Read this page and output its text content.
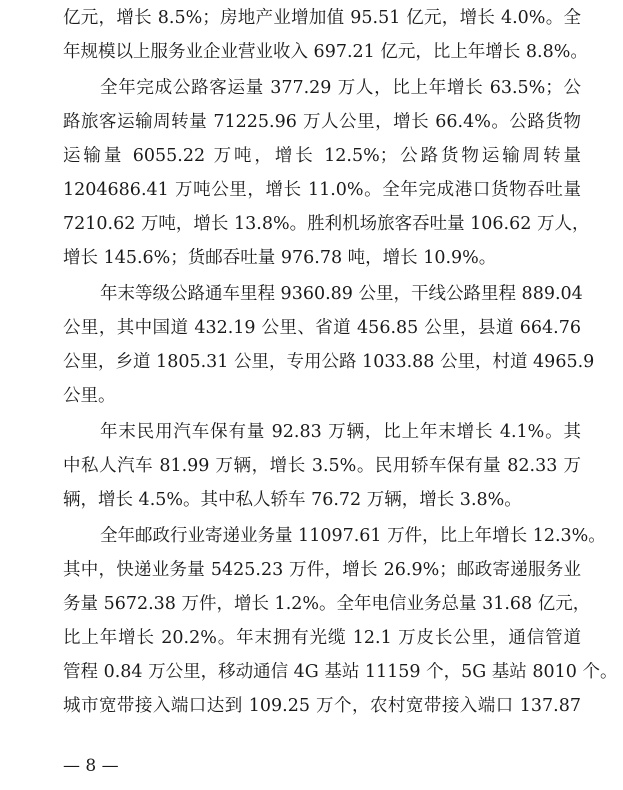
亿元，增长 8.5%；房地产业增加值 95.51 亿元，增长 4.0%。全
年规模以上服务业企业营业收入 697.21 亿元，比上年增长 8.8%。
全年完成公路客运量 377.29 万人，比上年增长 63.5%；公
路旅客运输周转量 71225.96 万人公里，增长 66.4%。公路货物
运输量 6055.22 万吨，增长 12.5%；公路货物运输周转量
1204686.41 万吨公里，增长 11.0%。全年完成港口货物吞吐量
7210.62 万吨，增长 13.8%。胜利机场旅客吞吐量 106.62 万人，
增长 145.6%；货邮吞吐量 976.78 吨，增长 10.9%。
年末等级公路通车里程 9360.89 公里，干线公路里程 889.04
公里，其中国道 432.19 公里、省道 456.85 公里，县道 664.76
公里，乡道 1805.31 公里，专用公路 1033.88 公里，村道 4965.9
公里。
年末民用汽车保有量 92.83 万辆，比上年末增长 4.1%。其
中私人汽车 81.99 万辆，增长 3.5%。民用轿车保有量 82.33 万
辆，增长 4.5%。其中私人轿车 76.72 万辆，增长 3.8%。
全年邮政行业寄递业务量 11097.61 万件，比上年增长 12.3%。
其中，快递业务量 5425.23 万件，增长 26.9%；邮政寄递服务业
务量 5672.38 万件，增长 1.2%。全年电信业务总量 31.68 亿元，
比上年增长 20.2%。年末拥有光缆 12.1 万皮长公里，通信管道
管程 0.84 万公里，移动通信 4G 基站 11159 个，5G 基站 8010 个。
城市宽带接入端口达到 109.25 万个，农村宽带接入端口 137.87
— 8 —
